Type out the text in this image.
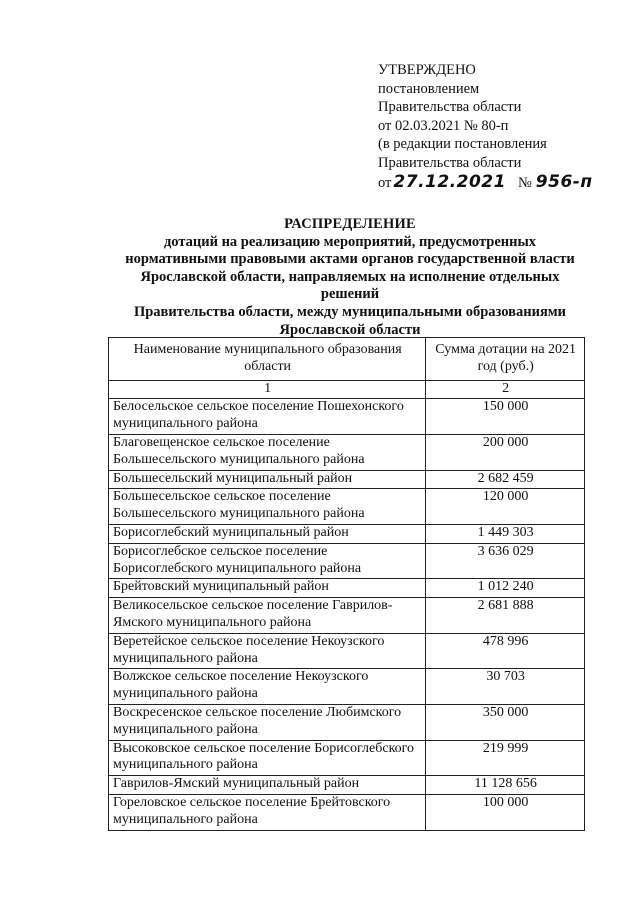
УТВЕРЖДЕНО
постановлением
Правительства области
от 02.03.2021 № 80-п
(в редакции постановления
Правительства области
от 27.12.2021 № 956-п
РАСПРЕДЕЛЕНИЕ
дотаций на реализацию мероприятий, предусмотренных
нормативными правовыми актами органов государственной власти
Ярославской области, направляемых на исполнение отдельных решений
Правительства области, между муниципальными образованиями
Ярославской области
Наименование муниципального образования области	Сумма дотации на 2021 год (руб.)
1	2
Белосельское сельское поселение Пошехонского муниципального района	150 000
Благовещенское сельское поселение Большесельского муниципального района	200 000
Большесельский муниципальный район	2 682 459
Большесельское сельское поселение Большесельского муниципального района	120 000
Борисоглебский муниципальный район	1 449 303
Борисоглебское сельское поселение Борисоглебского муниципального района	3 636 029
Брейтовский муниципальный район	1 012 240
Великосельское сельское поселение Гаврилов-Ямского муниципального района	2 681 888
Веретейское сельское поселение Некоузского муниципального района	478 996
Волжское сельское поселение Некоузского муниципального района	30 703
Воскресенское сельское поселение Любимского муниципального района	350 000
Высоковское сельское поселение Борисоглебского муниципального района	219 999
Гаврилов-Ямский муниципальный район	11 128 656
Гореловское сельское поселение Брейтовского муниципального района	100 000
